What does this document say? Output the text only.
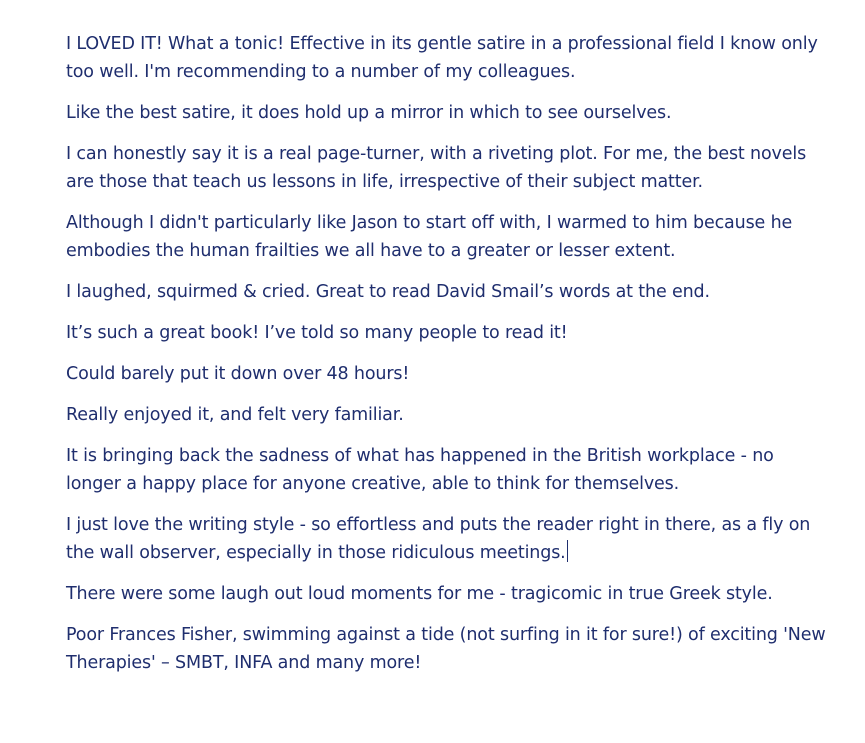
I LOVED IT! What a tonic! Effective in its gentle satire in a professional field I know only too well. I'm recommending to a number of my colleagues.

Like the best satire, it does hold up a mirror in which to see ourselves.

I can honestly say it is a real page-turner, with a riveting plot. For me, the best novels are those that teach us lessons in life, irrespective of their subject matter.

Although I didn't particularly like Jason to start off with, I warmed to him because he embodies the human frailties we all have to a greater or lesser extent.

I laughed, squirmed & cried. Great to read David Smail’s words at the end.

It’s such a great book! I’ve told so many people to read it!

Could barely put it down over 48 hours!

Really enjoyed it, and felt very familiar.

It is bringing back the sadness of what has happened in the British workplace - no longer a happy place for anyone creative, able to think for themselves.

I just love the writing style - so effortless and puts the reader right in there, as a fly on the wall observer, especially in those ridiculous meetings.

There were some laugh out loud moments for me - tragicomic in true Greek style.

Poor Frances Fisher, swimming against a tide (not surfing in it for sure!) of exciting 'New Therapies' – SMBT, INFA and many more!
